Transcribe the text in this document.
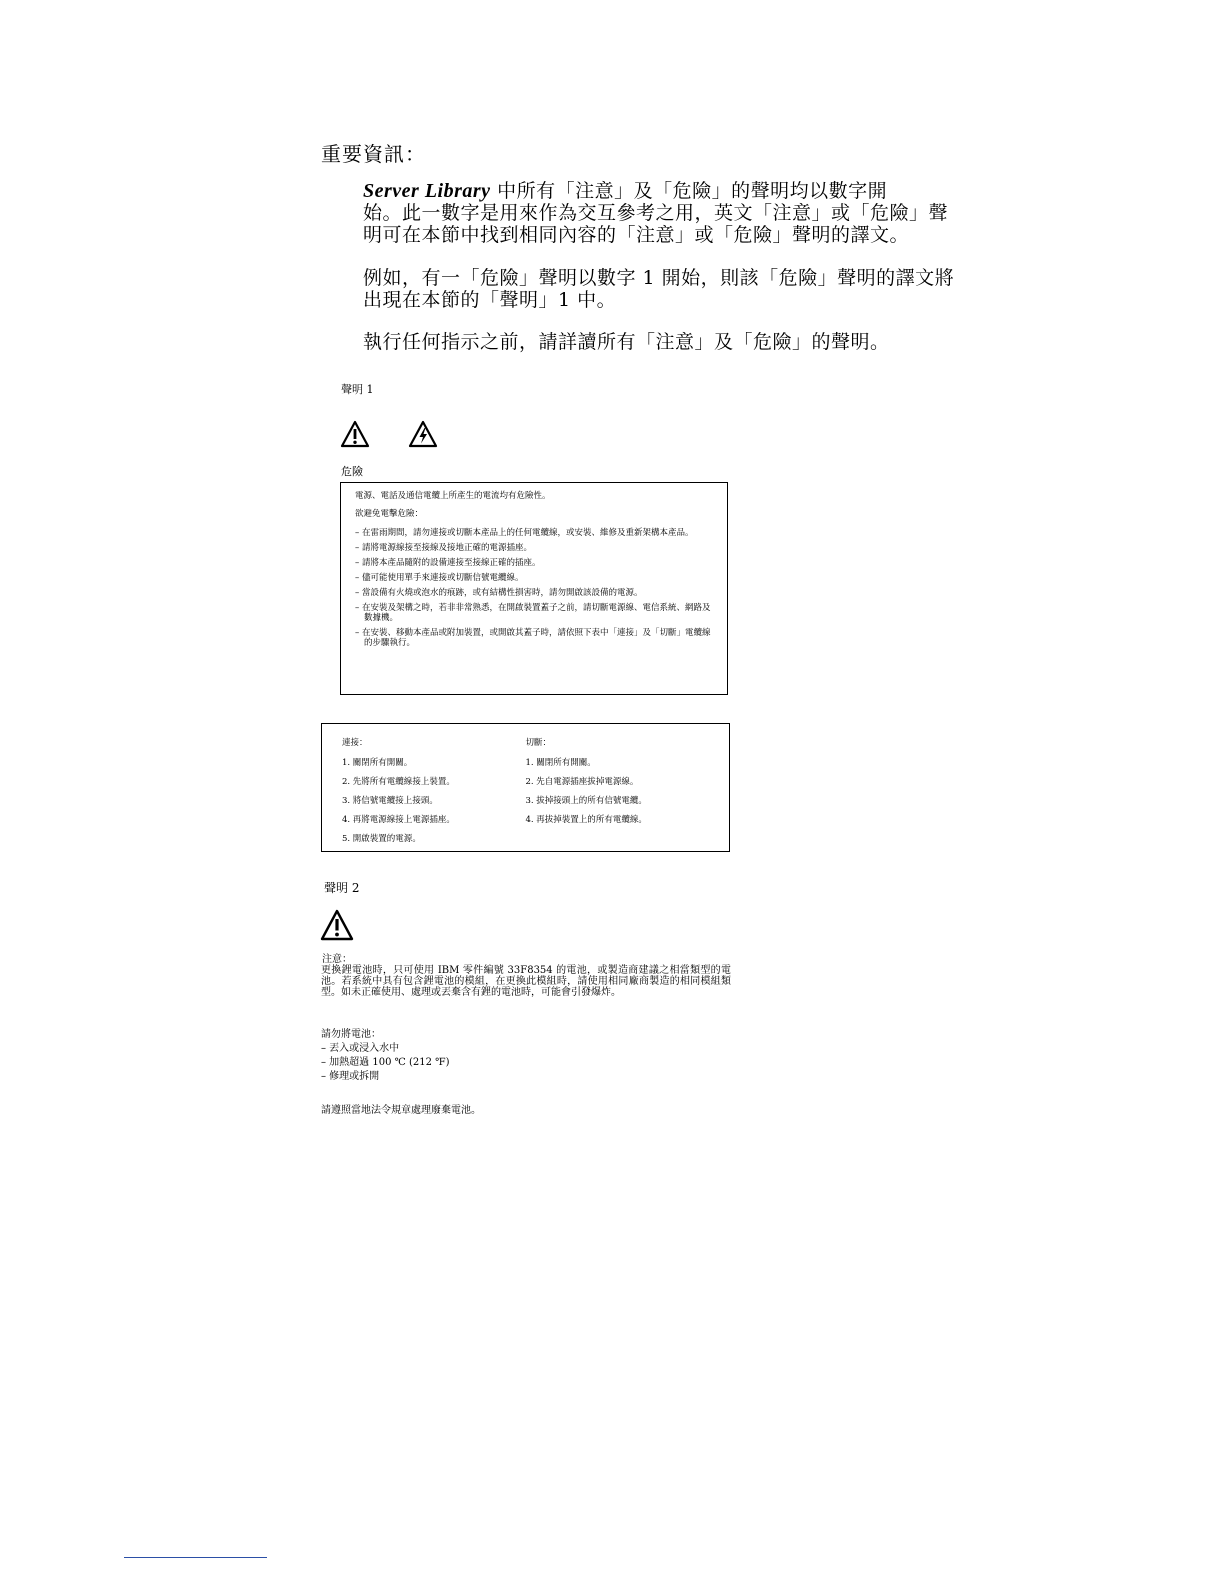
重要資訊：
Server Library 中所有「注意」及「危險」的聲明均以數字開
始。此一數字是用來作為交互參考之用，英文「注意」或「危險」聲
明可在本節中找到相同內容的「注意」或「危險」聲明的譯文。
例如，有一「危險」聲明以數字 1 開始，則該「危險」聲明的譯文將
出現在本節的「聲明」1 中。
執行任何指示之前，請詳讀所有「注意」及「危險」的聲明。
聲明 1
危險
電源、電話及通信電纜上所產生的電流均有危險性。
欲避免電擊危險：
– 在雷雨期間，請勿連接或切斷本產品上的任何電纜線，或安裝、維修及重新架構本產品。
– 請將電源線接至接線及接地正確的電源插座。
– 請將本產品隨附的設備連接至接線正確的插座。
– 儘可能使用單手來連接或切斷信號電纜線。
– 當設備有火燒或泡水的痕跡，或有結構性損害時，請勿開啟該設備的電源。
– 在安裝及架構之時，若非非常熟悉，在開啟裝置蓋子之前，請切斷電源線、電信系統、網路及數據機。
– 在安裝、移動本產品或附加裝置，或開啟其蓋子時，請依照下表中「連接」及「切斷」電纜線的步驟執行。
連接：
1. 關閉所有開關。
2. 先將所有電纜線接上裝置。
3. 將信號電纜接上接頭。
4. 再將電源線接上電源插座。
5. 開啟裝置的電源。
切斷：
1. 關閉所有開關。
2. 先自電源插座拔掉電源線。
3. 拔掉接頭上的所有信號電纜。
4. 再拔掉裝置上的所有電纜線。
聲明 2
注意：
更換鋰電池時，只可使用 IBM 零件編號 33F8354 的電池，或製造商建議之相當類型的電池。若系統中具有包含鋰電池的模組，在更換此模組時，請使用相同廠商製造的相同模組類型。如未正確使用、處理或丟棄含有鋰的電池時，可能會引發爆炸。
請勿將電池：
– 丟入或浸入水中
– 加熱超過 100 ℃ (212 ℉)
– 修理或拆開
請遵照當地法令規章處理廢棄電池。
